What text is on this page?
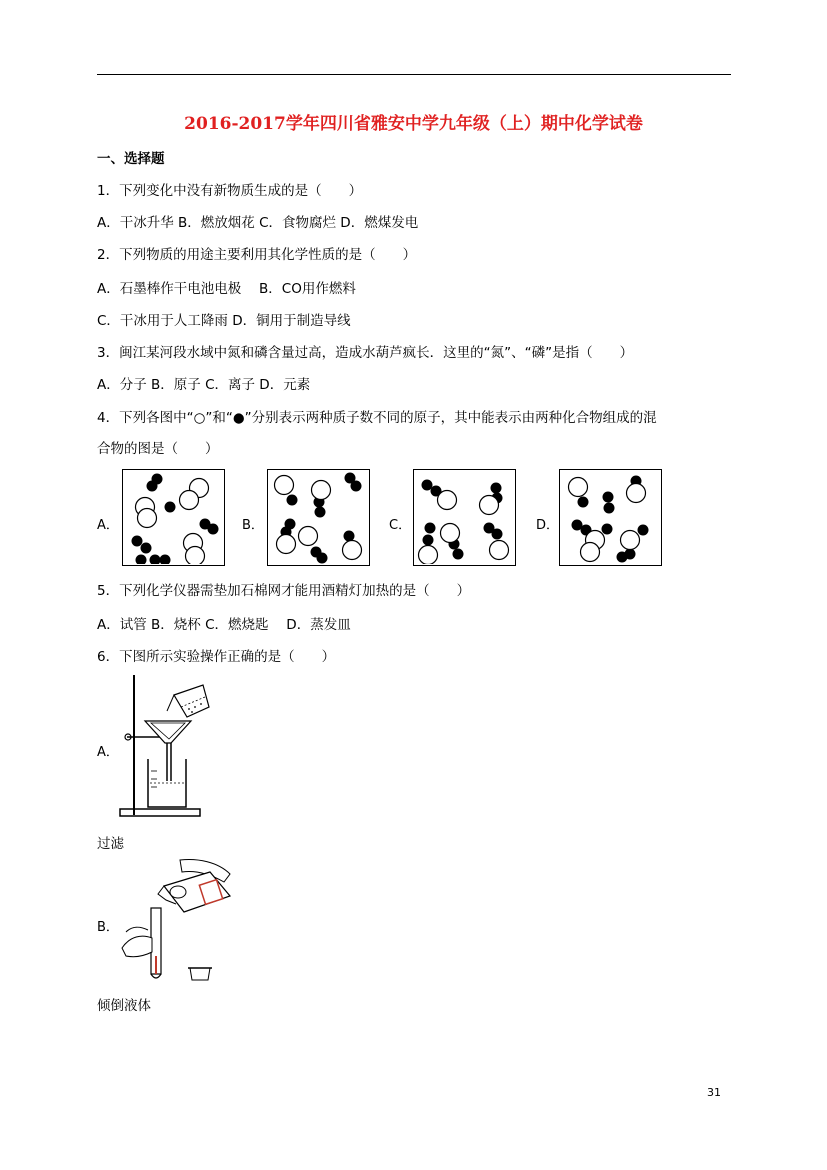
2016-2017学年四川省雅安中学九年级（上）期中化学试卷
一、选择题
1．下列变化中没有新物质生成的是（　　）
A．干冰升华 B．燃放烟花 C．食物腐烂 D．燃煤发电
2．下列物质的用途主要利用其化学性质的是（　　）
A．石墨棒作干电池电极　 B．CO用作燃料
C．干冰用于人工降雨 D．铜用于制造导线
3．闽江某河段水域中氮和磷含量过高，造成水葫芦疯长．这里的“氮”、“磷”是指（　　）
A．分子 B．原子 C．离子 D．元素
4．下列各图中“○”和“●”分别表示两种质子数不同的原子，其中能表示由两种化合物组成的混
合物的图是（　　）
A．	B．	C．	D．
5．下列化学仪器需垫加石棉网才能用酒精灯加热的是（　　）
A．试管 B．烧杯 C．燃烧匙　 D．蒸发皿
6．下图所示实验操作正确的是（　　）
A．
过滤
B．
倾倒液体
31
